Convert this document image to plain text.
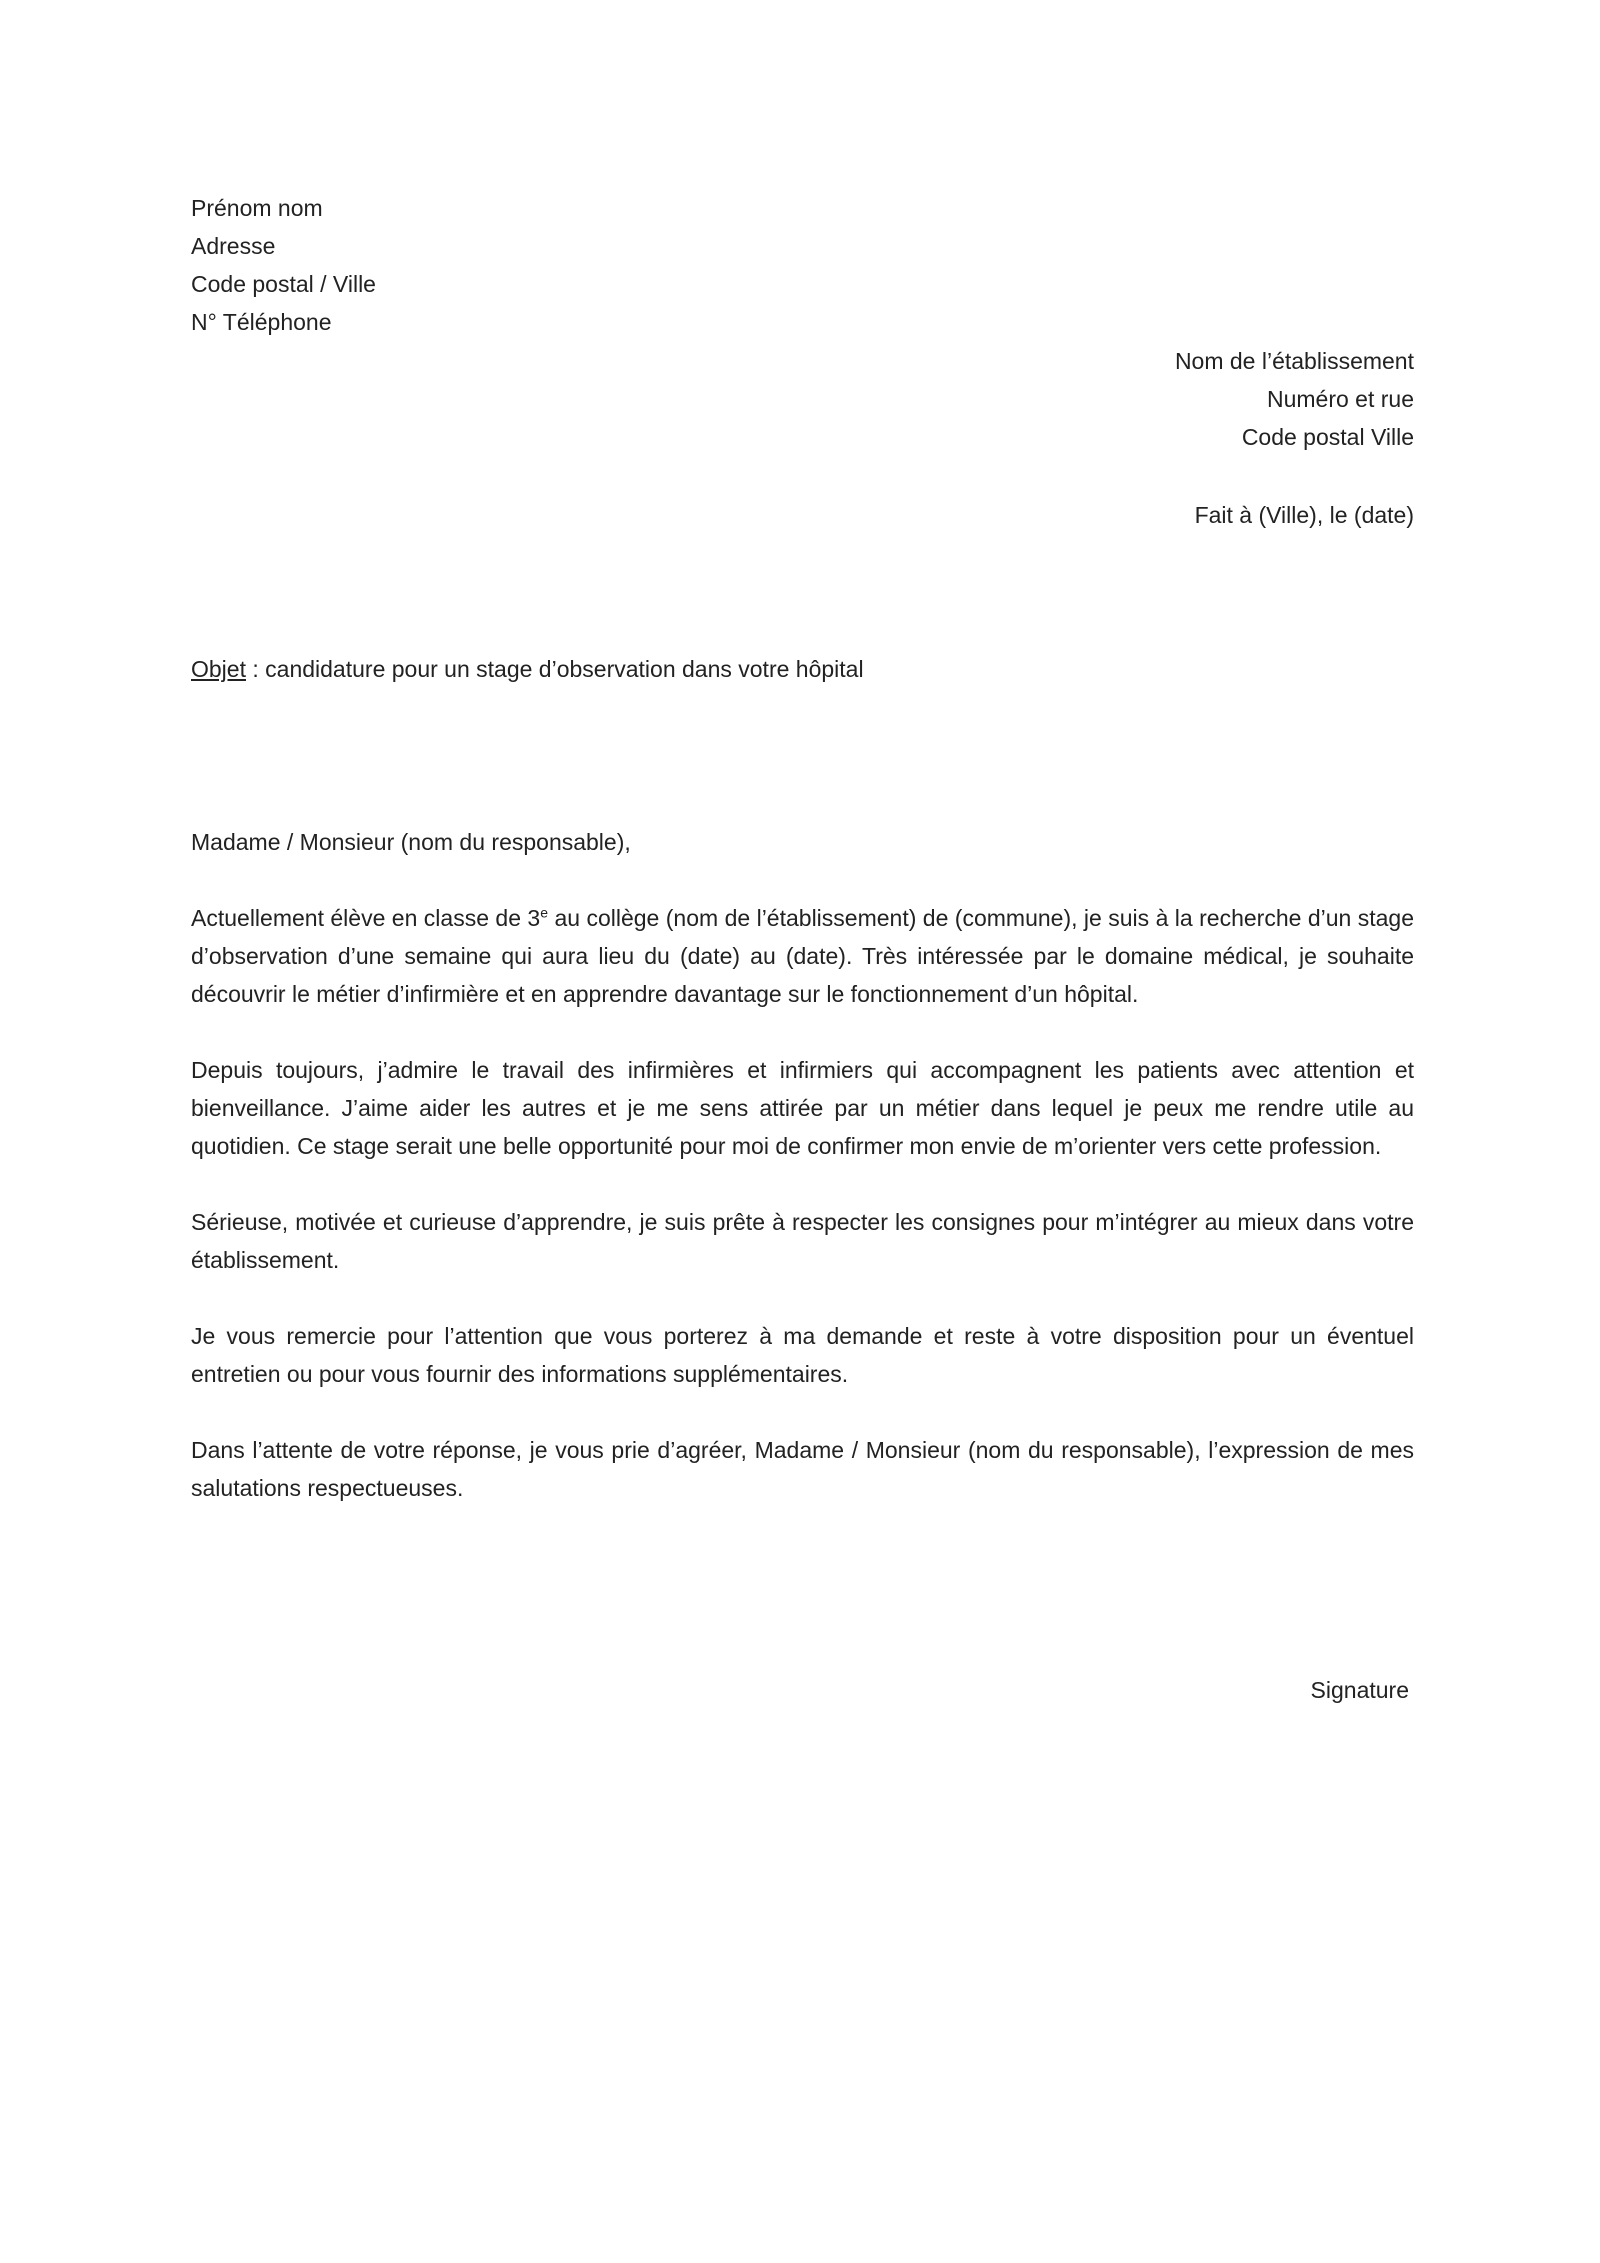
Prénom nom
Adresse
Code postal / Ville
N° Téléphone
Nom de l’établissement
Numéro et rue
Code postal Ville
Fait à (Ville), le (date)
Objet : candidature pour un stage d’observation dans votre hôpital

Madame / Monsieur (nom du responsable),

Actuellement élève en classe de 3e au collège (nom de l’établissement) de (commune), je suis à la recherche d’un stage d’observation d’une semaine qui aura lieu du (date) au (date). Très intéressée par le domaine médical, je souhaite découvrir le métier d’infirmière et en apprendre davantage sur le fonctionnement d’un hôpital.

Depuis toujours, j’admire le travail des infirmières et infirmiers qui accompagnent les patients avec attention et bienveillance. J’aime aider les autres et je me sens attirée par un métier dans lequel je peux me rendre utile au quotidien. Ce stage serait une belle opportunité pour moi de confirmer mon envie de m’orienter vers cette profession.

Sérieuse, motivée et curieuse d’apprendre, je suis prête à respecter les consignes pour m’intégrer au mieux dans votre établissement.

Je vous remercie pour l’attention que vous porterez à ma demande et reste à votre disposition pour un éventuel entretien ou pour vous fournir des informations supplémentaires.

Dans l’attente de votre réponse, je vous prie d’agréer, Madame / Monsieur (nom du responsable), l’expression de mes salutations respectueuses.

Signature
